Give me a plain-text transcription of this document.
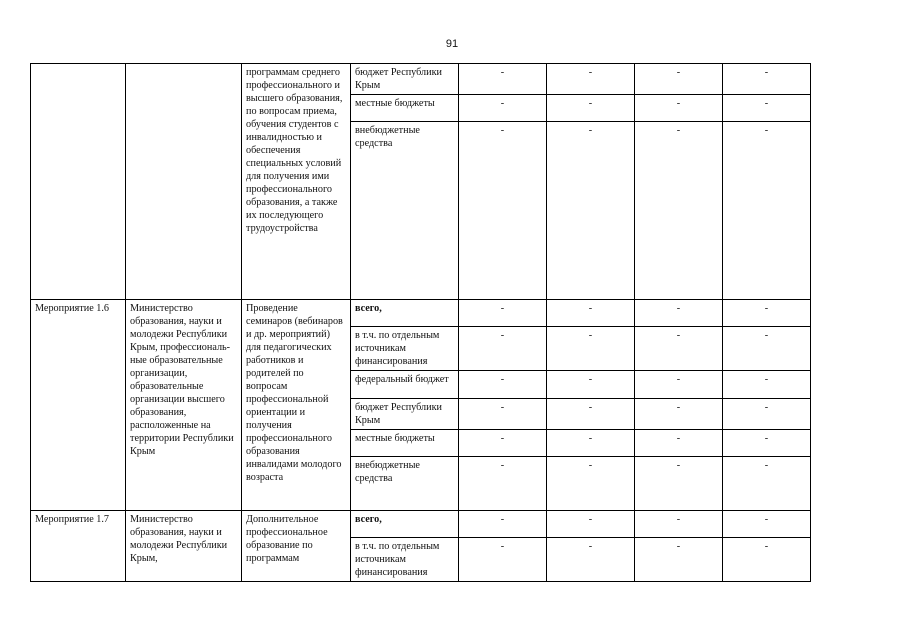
91
		программам среднего профессионального и высшего образования, по вопросам приема, обучения студентов с инвалидностью и обеспечения специальных условий для получения ими профессионального образования, а также их последующего трудоустройства	бюджет Республики Крым	-	-	-	-
			местные бюджеты	-	-	-	-
			внебюджетные средства	-	-	-	-
Мероприятие 1.6	Министерство образования, науки и молодежи Республики Крым, профессиональ-ные образовательные организации, образовательные организации высшего образования, расположенные на территории Республики Крым	Проведение семинаров (вебинаров и др. мероприятий) для педагогических работников и родителей по вопросам профессиональной ориентации и получения профессионального образования инвалидами молодого возраста	всего,	-	-	-	-
			в т.ч. по отдельным источникам финансирования	-	-	-	-
			федеральный бюджет	-	-	-	-
			бюджет Республики Крым	-	-	-	-
			местные бюджеты	-	-	-	-
			внебюджетные средства	-	-	-	-
Мероприятие 1.7	Министерство образования, науки и молодежи Республики Крым,	Дополнительное профессиональное образование по программам	всего,	-	-	-	-
			в т.ч. по отдельным источникам финансирования	-	-	-	-
